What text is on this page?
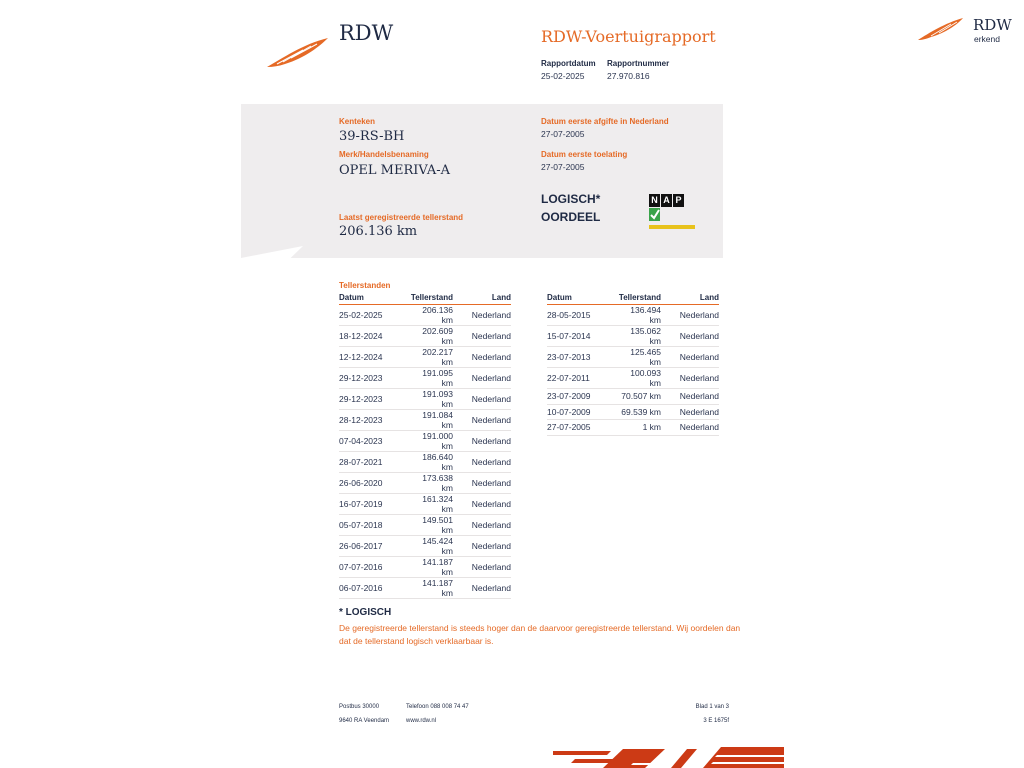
RDW	RDW-Voertuigrapport
Rapportdatum
25-02-2025
Rapportnummer
27.970.816
RDW
erkend
Kenteken
39-RS-BH
Merk/Handelsbenaming
OPEL MERIVA-A
Laatst geregistreerde tellerstand
206.136 km
Datum eerste afgifte in Nederland
27-07-2005
Datum eerste toelating
27-07-2005
LOGISCH*
OORDEEL
N A P
Tellerstanden
Datum	Tellerstand	Land
25-02-2025	206.136 km	Nederland
18-12-2024	202.609 km	Nederland
12-12-2024	202.217 km	Nederland
29-12-2023	191.095 km	Nederland
29-12-2023	191.093 km	Nederland
28-12-2023	191.084 km	Nederland
07-04-2023	191.000 km	Nederland
28-07-2021	186.640 km	Nederland
26-06-2020	173.638 km	Nederland
16-07-2019	161.324 km	Nederland
05-07-2018	149.501 km	Nederland
26-06-2017	145.424 km	Nederland
07-07-2016	141.187 km	Nederland
06-07-2016	141.187 km	Nederland
Datum	Tellerstand	Land
28-05-2015	136.494 km	Nederland
15-07-2014	135.062 km	Nederland
23-07-2013	125.465 km	Nederland
22-07-2011	100.093 km	Nederland
23-07-2009	70.507 km	Nederland
10-07-2009	69.539 km	Nederland
27-07-2005	1 km	Nederland
* LOGISCH
De geregistreerde tellerstand is steeds hoger dan de daarvoor geregistreerde tellerstand. Wij oordelen dan
dat de tellerstand logisch verklaarbaar is.
Postbus 30000
9640 RA Veendam
Telefoon 088 008 74 47
www.rdw.nl
Blad 1 van 3
3 E 1675f
